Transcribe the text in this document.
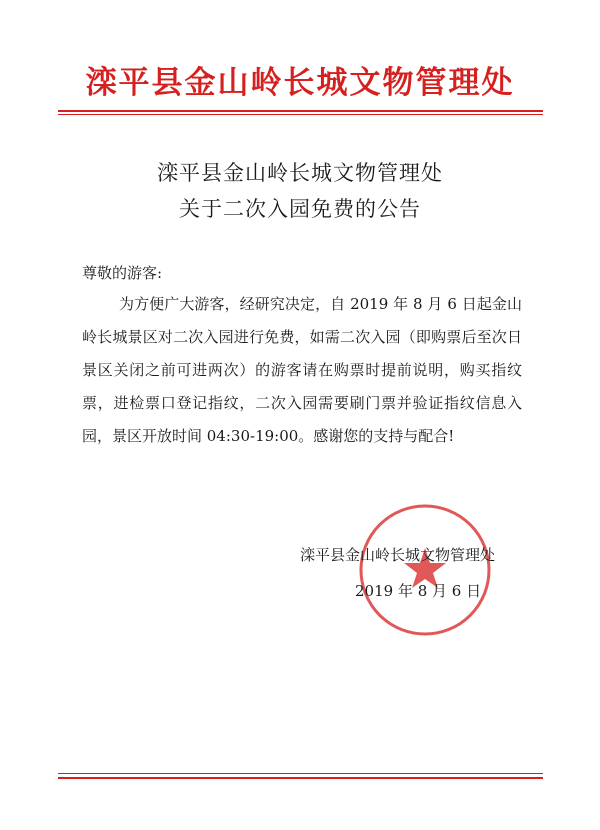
滦平县金山岭长城文物管理处
滦平县金山岭长城文物管理处
关于二次入园免费的公告
尊敬的游客:

为方便广大游客，经研究决定，自 2019 年 8 月 6 日起金山岭长城景区对二次入园进行免费，如需二次入园（即购票后至次日景区关闭之前可进两次）的游客请在购票时提前说明，购买指纹票，进检票口登记指纹，二次入园需要刷门票并验证指纹信息入园，景区开放时间 04:30-19:00。感谢您的支持与配合!

滦平县金山岭长城文物管理处
2019 年 8 月 6 日
